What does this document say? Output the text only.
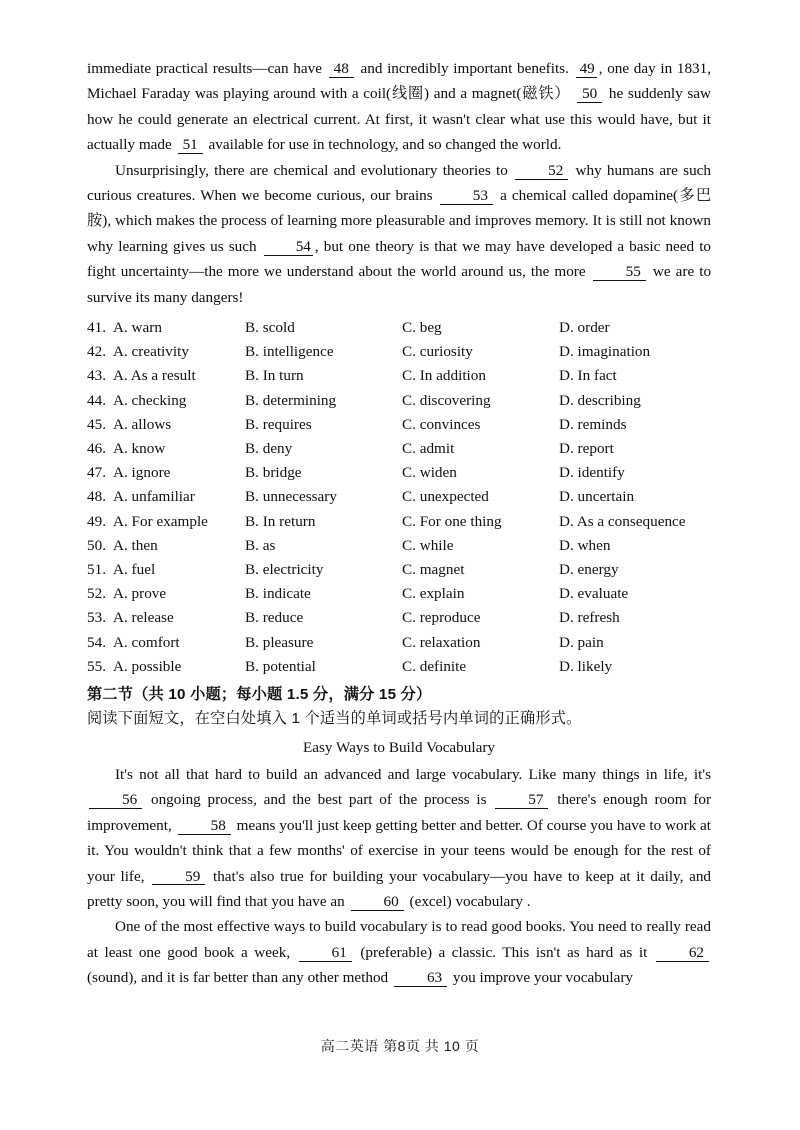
immediate practical results—can have 48 and incredibly important benefits. 49 , one day in 1831, Michael Faraday was playing around with a coil(线圈) and a magnet(磁铁） 50 he suddenly saw how he could generate an electrical current. At first, it wasn't clear what use this would have, but it actually made 51 available for use in technology, and so changed the world.

Unsurprisingly, there are chemical and evolutionary theories to	52 why humans are such curious creatures. When we become curious, our brains	53 a chemical called dopamine(多巴胺), which makes the process of learning more pleasurable and improves memory. It is still not known why learning gives us such	54 , but one theory is that we may have developed a basic need to fight uncertainty—the more we understand about the world around us, the more	55 we are to survive its many dangers!

41. A. warn	B. scold	C. beg	D. order
42. A. creativity	B. intelligence	C. curiosity	D. imagination
43. A. As a result	B. In turn	C. In addition	D. In fact
44. A. checking	B. determining	C. discovering	D. describing
45. A. allows	B. requires	C. convinces	D. reminds
46. A. know	B. deny	C. admit	D. report
47. A. ignore	B. bridge	C. widen	D. identify
48. A. unfamiliar	B. unnecessary	C. unexpected	D. uncertain
49. A. For example	B. In return	C. For one thing	D. As a consequence
50. A. then	B. as	C. while	D. when
51. A. fuel	B. electricity	C. magnet	D. energy
52. A. prove	B. indicate	C. explain	D. evaluate
53. A. release	B. reduce	C. reproduce	D. refresh
54. A. comfort	B. pleasure	C. relaxation	D. pain
55. A. possible	B. potential	C. definite	D. likely
第二节（共 10 小题；每小题 1.5 分，满分 15 分）
阅读下面短文，在空白处填入 1 个适当的单词或括号内单词的正确形式。
Easy Ways to Build Vocabulary

It's not all that hard to build an advanced and large vocabulary. Like many things in life, it's 56 ongoing process, and the best part of the process is	57 there's enough room for improvement,	58 means you'll just keep getting better and better. Of course you have to work at it. You wouldn't think that a few months' of exercise in your teens would be enough for the rest of your life,	59 that's also true for building your vocabulary—you have to keep at it daily, and pretty soon, you will find that you have an	60 (excel) vocabulary .

One of the most effective ways to build vocabulary is to read good books. You need to really read at least one good book a week,	61 (preferable) a classic. This isn't as hard as it	62 (sound), and it is far better than any other method	63 you improve your vocabulary

高二英语 第8页 共 10 页
